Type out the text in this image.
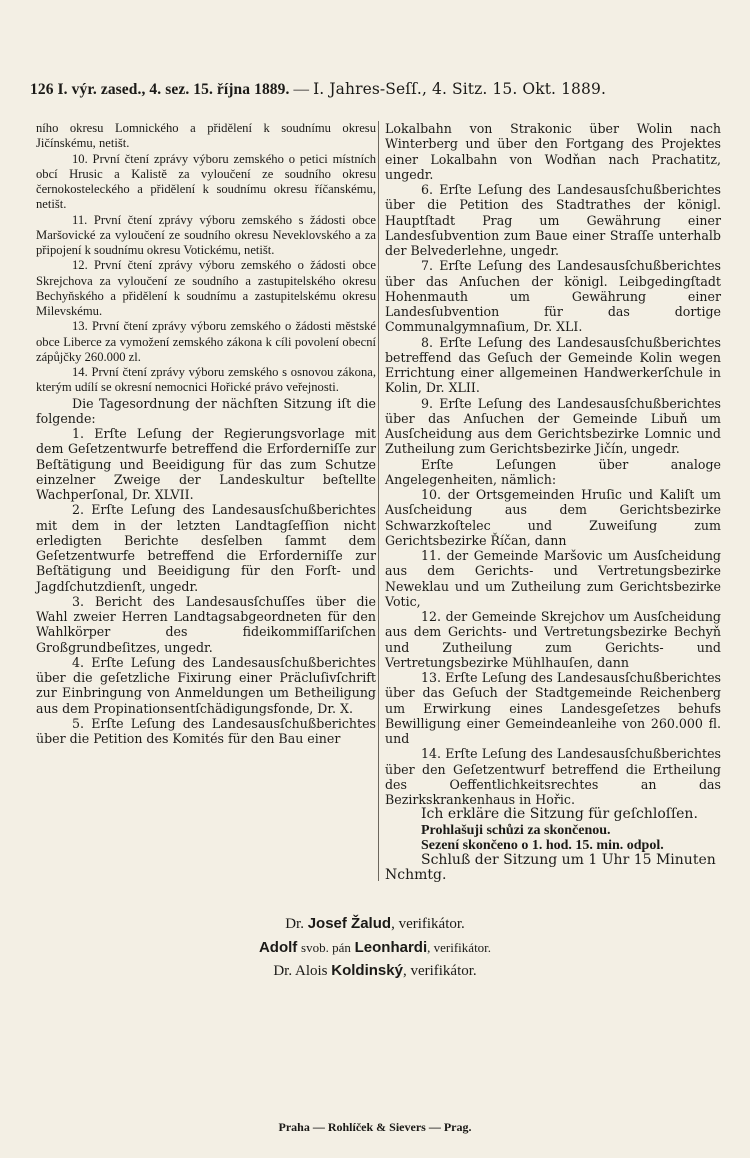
126 I. výr. zased., 4. sez. 15. října 1889. — I. Jahres-Seſſ., 4. Sitz. 15. Okt. 1889.

ního okresu Lomnického a přidělení k soudnímu okresu Jičínskému, netišt.

10. První čtení zprávy výboru zemského o petici místních obcí Hrusic a Kalistě za vyloučení ze soudního okresu černokosteleckého a přidělení k soudnímu okresu říčanskému, netišt.

11. První čtení zprávy výboru zemského s žádosti obce Maršovické za vyloučení ze soudního okresu Neveklovského a za připojení k soudnímu okresu Votickému, netišt.

12. První čtení zprávy výboru zemského o žádosti obce Skrejchova za vyloučení ze soudního a zastupitelského okresu Bechyňského a přidělení k soudnímu a zastupitelskému okresu Milevskému.

13. První čtení zprávy výboru zemského o žádosti městské obce Liberce za vymožení zemského zákona k cíli povolení obecní zápůjčky 260.000 zl.

14. První čtení zprávy výboru zemského s osnovou zákona, kterým udílí se okresní nemocnici Hořické právo veřejnosti.

Die Tagesordnung der nächſten Sitzung iſt die folgende:

1. Erſte Leſung der Regierungsvorlage mit dem Geſetzentwurfe betreffend die Erforderniſſe zur Beſtätigung und Beeidigung für das zum Schutze einzelner Zweige der Landeskultur beſtellte Wachperſonal, Dr. XLVII.

2. Erſte Leſung des Landesausſchußberichtes mit dem in der letzten Landtagſeſſion nicht erledigten Berichte desſelben ſammt dem Geſetzentwurfe betreffend die Erforderniſſe zur Beſtätigung und Beeidigung für den Forſt- und Jagdſchutzdienſt, ungedr.

3. Bericht des Landesausſchuſſes über die Wahl zweier Herren Landtagsabgeordneten für den Wahlkörper des fideikommiſſariſchen Großgrundbeſitzes, ungedr.

4. Erſte Leſung des Landesausſchußberichtes über die geſetzliche Fixirung einer Präcluſivſchrift zur Einbringung von Anmeldungen um Betheiligung aus dem Propinationsentſchädigungsfonde, Dr. X.

5. Erſte Leſung des Landesausſchußberichtes über die Petition des Komités für den Bau einer

Lokalbahn von Strakonic über Wolin nach Winterberg und über den Fortgang des Projektes einer Lokalbahn von Wodňan nach Prachatitz, ungedr.

6. Erſte Leſung des Landesausſchußberichtes über die Petition des Stadtrathes der königl. Hauptſtadt Prag um Gewährung einer Landesſubvention zum Baue einer Straſſe unterhalb der Belvederlehne, ungedr.

7. Erſte Leſung des Landesausſchußberichtes über das Anſuchen der königl. Leibgedingſtadt Hohenmauth um Gewährung einer Landesſubvention für das dortige Communalgymnaſium, Dr. XLI.

8. Erſte Leſung des Landesausſchußberichtes betreffend das Geſuch der Gemeinde Kolin wegen Errichtung einer allgemeinen Handwerkerſchule in Kolin, Dr. XLII.

9. Erſte Leſung des Landesausſchußberichtes über das Anſuchen der Gemeinde Libuň um Ausſcheidung aus dem Gerichtsbezirke Lomnic und Zutheilung zum Gerichtsbezirke Jičín, ungedr.

Erſte Leſungen über analoge Angelegenheiten, nämlich:

10. der Ortsgemeinden Hruſic und Kaliſt um Ausſcheidung aus dem Gerichtsbezirke Schwarzkoſtelec und Zuweiſung zum Gerichtsbezirke Říčan, dann

11. der Gemeinde Maršovic um Ausſcheidung aus dem Gerichts- und Vertretungsbezirke Neweklau und um Zutheilung zum Gerichtsbezirke Votic,

12. der Gemeinde Skrejchov um Ausſcheidung aus dem Gerichts- und Vertretungsbezirke Bechyň und Zutheilung zum Gerichts- und Vertretungsbezirke Mühlhauſen, dann

13. Erſte Leſung des Landesausſchußberichtes über das Geſuch der Stadtgemeinde Reichenberg um Erwirkung eines Landesgeſetzes behufs Bewilligung einer Gemeindeanleihe von 260.000 fl. und

14. Erſte Leſung des Landesausſchußberichtes über den Geſetzentwurf betreffend die Ertheilung des Oeffentlichkeitsrechtes an das Bezirkskrankenhaus in Hořic.

Ich erkläre die Sitzung für geſchloſſen.

Prohlašuji schůzi za skončenou.

Sezení skončeno o 1. hod. 15. min. odpol.

Schluß der Sitzung um 1 Uhr 15 Minuten Nchmtg.

Dr. Josef Žalud, verifikátor.
Adolf svob. pán Leonhardi, verifikátor.
Dr. Alois Koldinský, verifikátor.
Praha — Rohlíček & Sievers — Prag.
